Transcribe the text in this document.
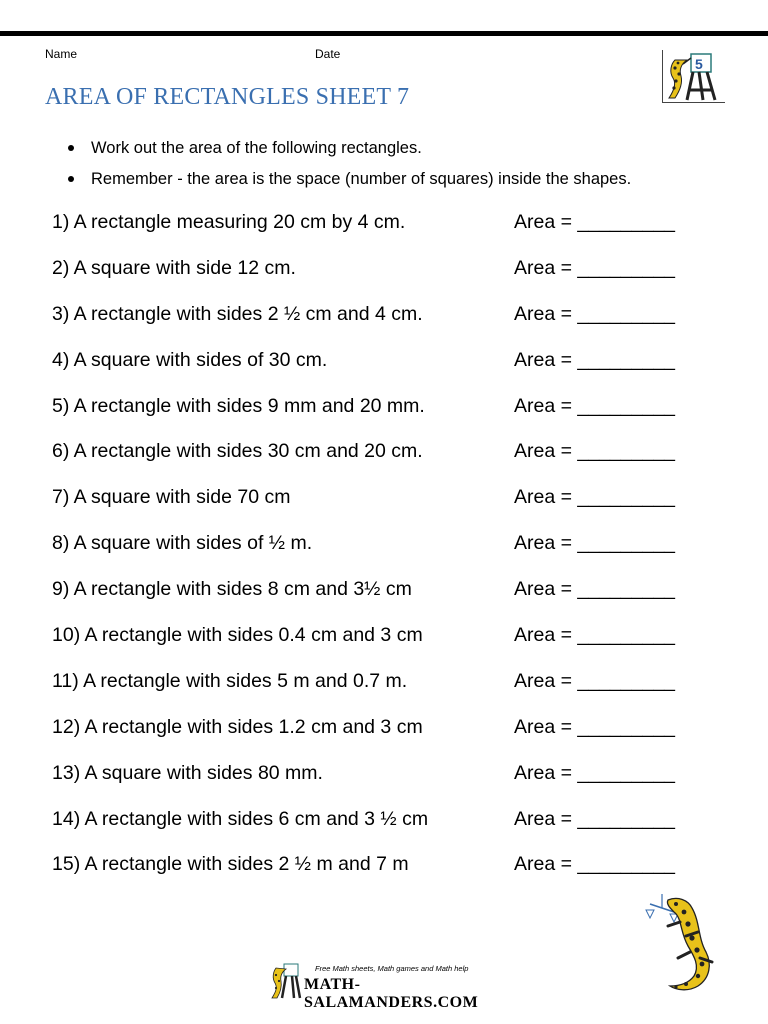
Name	Date
AREA OF RECTANGLES SHEET 7
5
Work out the area of the following rectangles.
Remember - the area is the space (number of squares) inside the shapes.
1) A rectangle measuring 20 cm by 4 cm.	Area = _________
2) A square with side 12 cm.	Area = _________
3) A rectangle with sides 2 ½ cm and 4 cm.	Area = _________
4) A square with sides of 30 cm.	Area = _________
5) A rectangle with sides 9 mm and 20 mm.	Area = _________
6) A rectangle with sides 30 cm and 20 cm.	Area = _________
7) A square with side 70 cm	Area = _________
8) A square with sides of ½ m.	Area = _________
9) A rectangle with sides 8 cm and 3½ cm	Area = _________
10) A rectangle with sides 0.4 cm and 3 cm	Area = _________
11) A rectangle with sides 5 m and 0.7 m.	Area = _________
12) A rectangle with sides 1.2 cm and 3 cm	Area = _________
13) A square with sides 80 mm.	Area = _________
14) A rectangle with sides 6 cm and 3 ½ cm	Area = _________
15) A rectangle with sides 2 ½ m and 7 m	Area = _________
Free Math sheets, Math games and Math help
MATH-SALAMANDERS.COM
